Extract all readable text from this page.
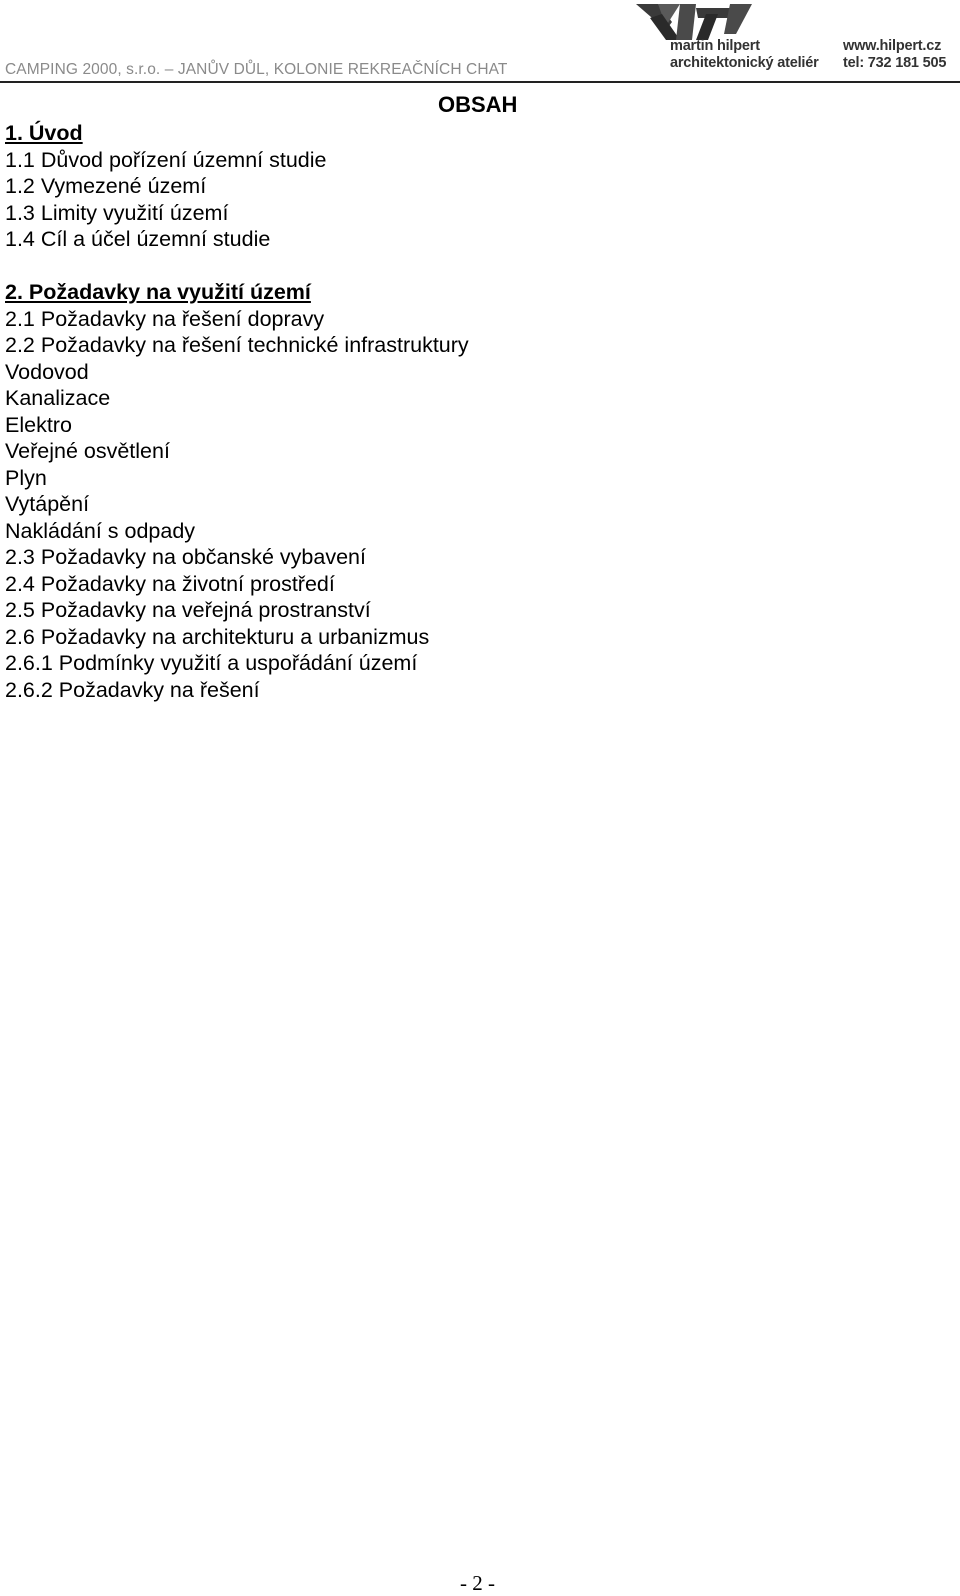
CAMPING 2000, s.r.o. – JANŮV DŮL, KOLONIE REKREAČNÍCH CHAT
martin hilpert
architektonický ateliér
www.hilpert.cz
tel: 732 181 505
OBSAH
1. Úvod
1.1 Důvod pořízení územní studie
1.2 Vymezené území
1.3 Limity využití území
1.4 Cíl a účel územní studie
2. Požadavky na využití území
2.1 Požadavky na řešení dopravy
2.2 Požadavky na řešení technické infrastruktury
Vodovod
Kanalizace
Elektro
Veřejné osvětlení
Plyn
Vytápění
Nakládání s odpady
2.3 Požadavky na občanské vybavení
2.4 Požadavky na životní prostředí
2.5 Požadavky na veřejná prostranství
2.6 Požadavky na architekturu a urbanizmus
2.6.1 Podmínky využití a uspořádání území
2.6.2 Požadavky na řešení
- 2 -
